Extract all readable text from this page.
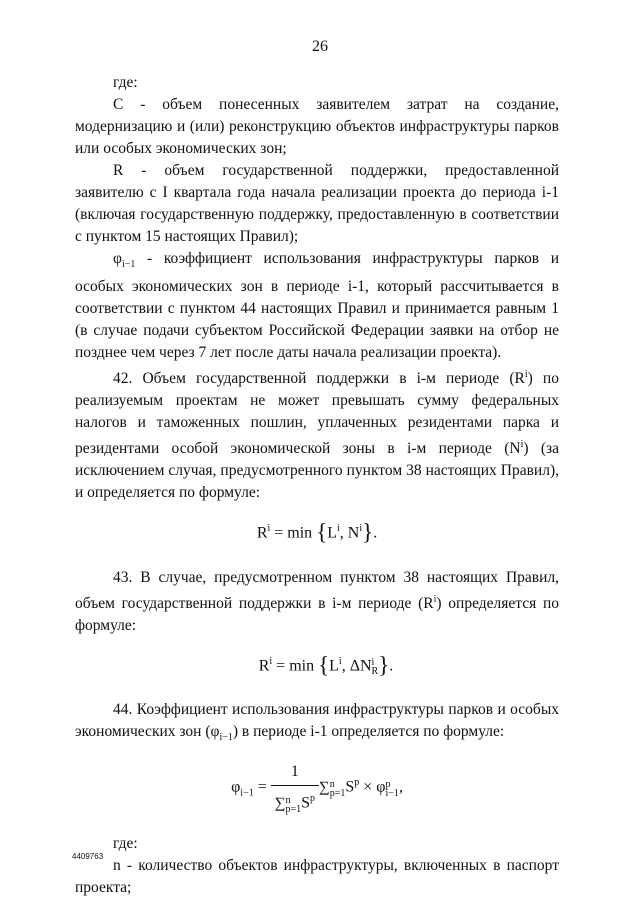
26

где:

С - объем понесенных заявителем затрат на создание, модернизацию и (или) реконструкцию объектов инфраструктуры парков или особых экономических зон;

R - объем государственной поддержки, предоставленной заявителю с I квартала года начала реализации проекта до периода i-1 (включая государственную поддержку, предоставленную в соответствии с пунктом 15 настоящих Правил);

$\varphi_{i-1}$ - коэффициент использования инфраструктуры парков и особых экономических зон в периоде i-1, который рассчитывается в соответствии с пунктом 44 настоящих Правил и принимается равным 1 (в случае подачи субъектом Российской Федерации заявки на отбор не позднее чем через 7 лет после даты начала реализации проекта).

42. Объем государственной поддержки в i-м периоде $(R^i)$ по реализуемым проектам не может превышать сумму федеральных налогов и таможенных пошлин, уплаченных резидентами парка и резидентами особой экономической зоны в i-м периоде $(N^i)$ (за исключением случая, предусмотренного пунктом 38 настоящих Правил), и определяется по формуле:

$R^i = \min \{L^i$, $N^i$}.

43. В случае, предусмотренном пунктом 38 настоящих Правил, объем государственной поддержки в i-м периоде $(R^i)$ определяется по формуле:

$R^i = \min \{L^i$, ΔNi
R}.

44. Коэффициент использования инфраструктуры парков и особых экономических зон $(\varphi_{i-1})$ в периоде i-1 определяется по формуле:

$\varphi_{i-1}$ =
1
∑n
$p=1S^p$
∑n
$p=1S^p \times \varphi p$
i−1,

где:

n - количество объектов инфраструктуры, включенных в паспорт проекта;

4409763
